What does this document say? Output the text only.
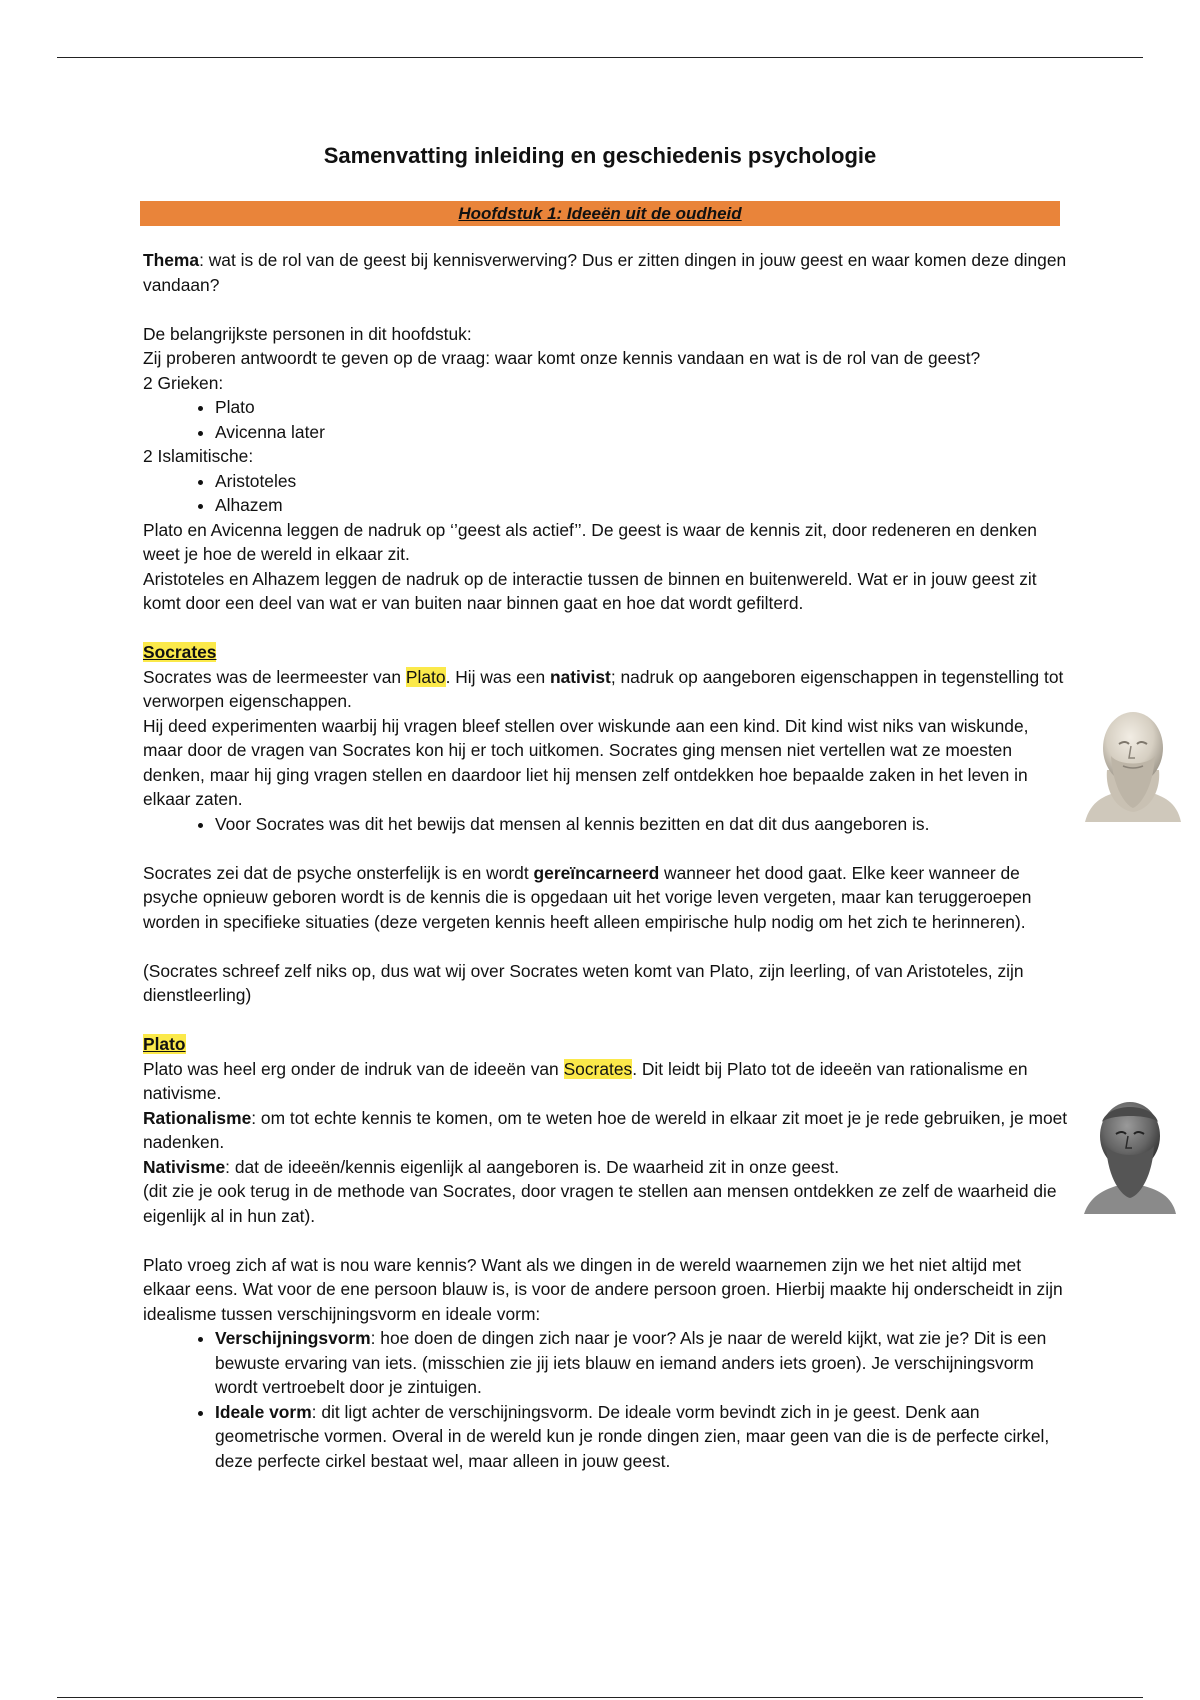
Samenvatting inleiding en geschiedenis psychologie
Hoofdstuk 1: Ideeën uit de oudheid

Thema: wat is de rol van de geest bij kennisverwerving? Dus er zitten dingen in jouw geest en waar komen deze dingen vandaan?

De belangrijkste personen in dit hoofdstuk:

Zij proberen antwoordt te geven op de vraag: waar komt onze kennis vandaan en wat is de rol van de geest?

2 Grieken:

• Plato
• Avicenna later

2 Islamitische:

• Aristoteles
• Alhazem

Plato en Avicenna leggen de nadruk op ‘’geest als actief’’. De geest is waar de kennis zit, door redeneren en denken weet je hoe de wereld in elkaar zit.

Aristoteles en Alhazem leggen de nadruk op de interactie tussen de binnen en buitenwereld. Wat er in jouw geest zit komt door een deel van wat er van buiten naar binnen gaat en hoe dat wordt gefilterd.

Socrates

Socrates was de leermeester van Plato. Hij was een nativist; nadruk op aangeboren eigenschappen in tegenstelling tot verworpen eigenschappen.

Hij deed experimenten waarbij hij vragen bleef stellen over wiskunde aan een kind. Dit kind wist niks van wiskunde, maar door de vragen van Socrates kon hij er toch uitkomen. Socrates ging mensen niet vertellen wat ze moesten denken, maar hij ging vragen stellen en daardoor liet hij mensen zelf ontdekken hoe bepaalde zaken in het leven in elkaar zaten.

• Voor Socrates was dit het bewijs dat mensen al kennis bezitten en dat dit dus aangeboren is.

Socrates zei dat de psyche onsterfelijk is en wordt gereïncarneerd wanneer het dood gaat. Elke keer wanneer de psyche opnieuw geboren wordt is de kennis die is opgedaan uit het vorige leven vergeten, maar kan teruggeroepen worden in specifieke situaties (deze vergeten kennis heeft alleen empirische hulp nodig om het zich te herinneren).

(Socrates schreef zelf niks op, dus wat wij over Socrates weten komt van Plato, zijn leerling, of van Aristoteles, zijn dienstleerling)

Plato

Plato was heel erg onder de indruk van de ideeën van Socrates. Dit leidt bij Plato tot de ideeën van rationalisme en nativisme.

Rationalisme: om tot echte kennis te komen, om te weten hoe de wereld in elkaar zit moet je je rede gebruiken, je moet nadenken.

Nativisme: dat de ideeën/kennis eigenlijk al aangeboren is. De waarheid zit in onze geest.

(dit zie je ook terug in de methode van Socrates, door vragen te stellen aan mensen ontdekken ze zelf de waarheid die eigenlijk al in hun zat).

Plato vroeg zich af wat is nou ware kennis? Want als we dingen in de wereld waarnemen zijn we het niet altijd met elkaar eens. Wat voor de ene persoon blauw is, is voor de andere persoon groen. Hierbij maakte hij onderscheidt in zijn idealisme tussen verschijningsvorm en ideale vorm:

• Verschijningsvorm: hoe doen de dingen zich naar je voor? Als je naar de wereld kijkt, wat zie je? Dit is een bewuste ervaring van iets. (misschien zie jij iets blauw en iemand anders iets groen). Je verschijningsvorm wordt vertroebelt door je zintuigen.
• Ideale vorm: dit ligt achter de verschijningsvorm. De ideale vorm bevindt zich in je geest. Denk aan geometrische vormen. Overal in de wereld kun je ronde dingen zien, maar geen van die is de perfecte cirkel, deze perfecte cirkel bestaat wel, maar alleen in jouw geest.
